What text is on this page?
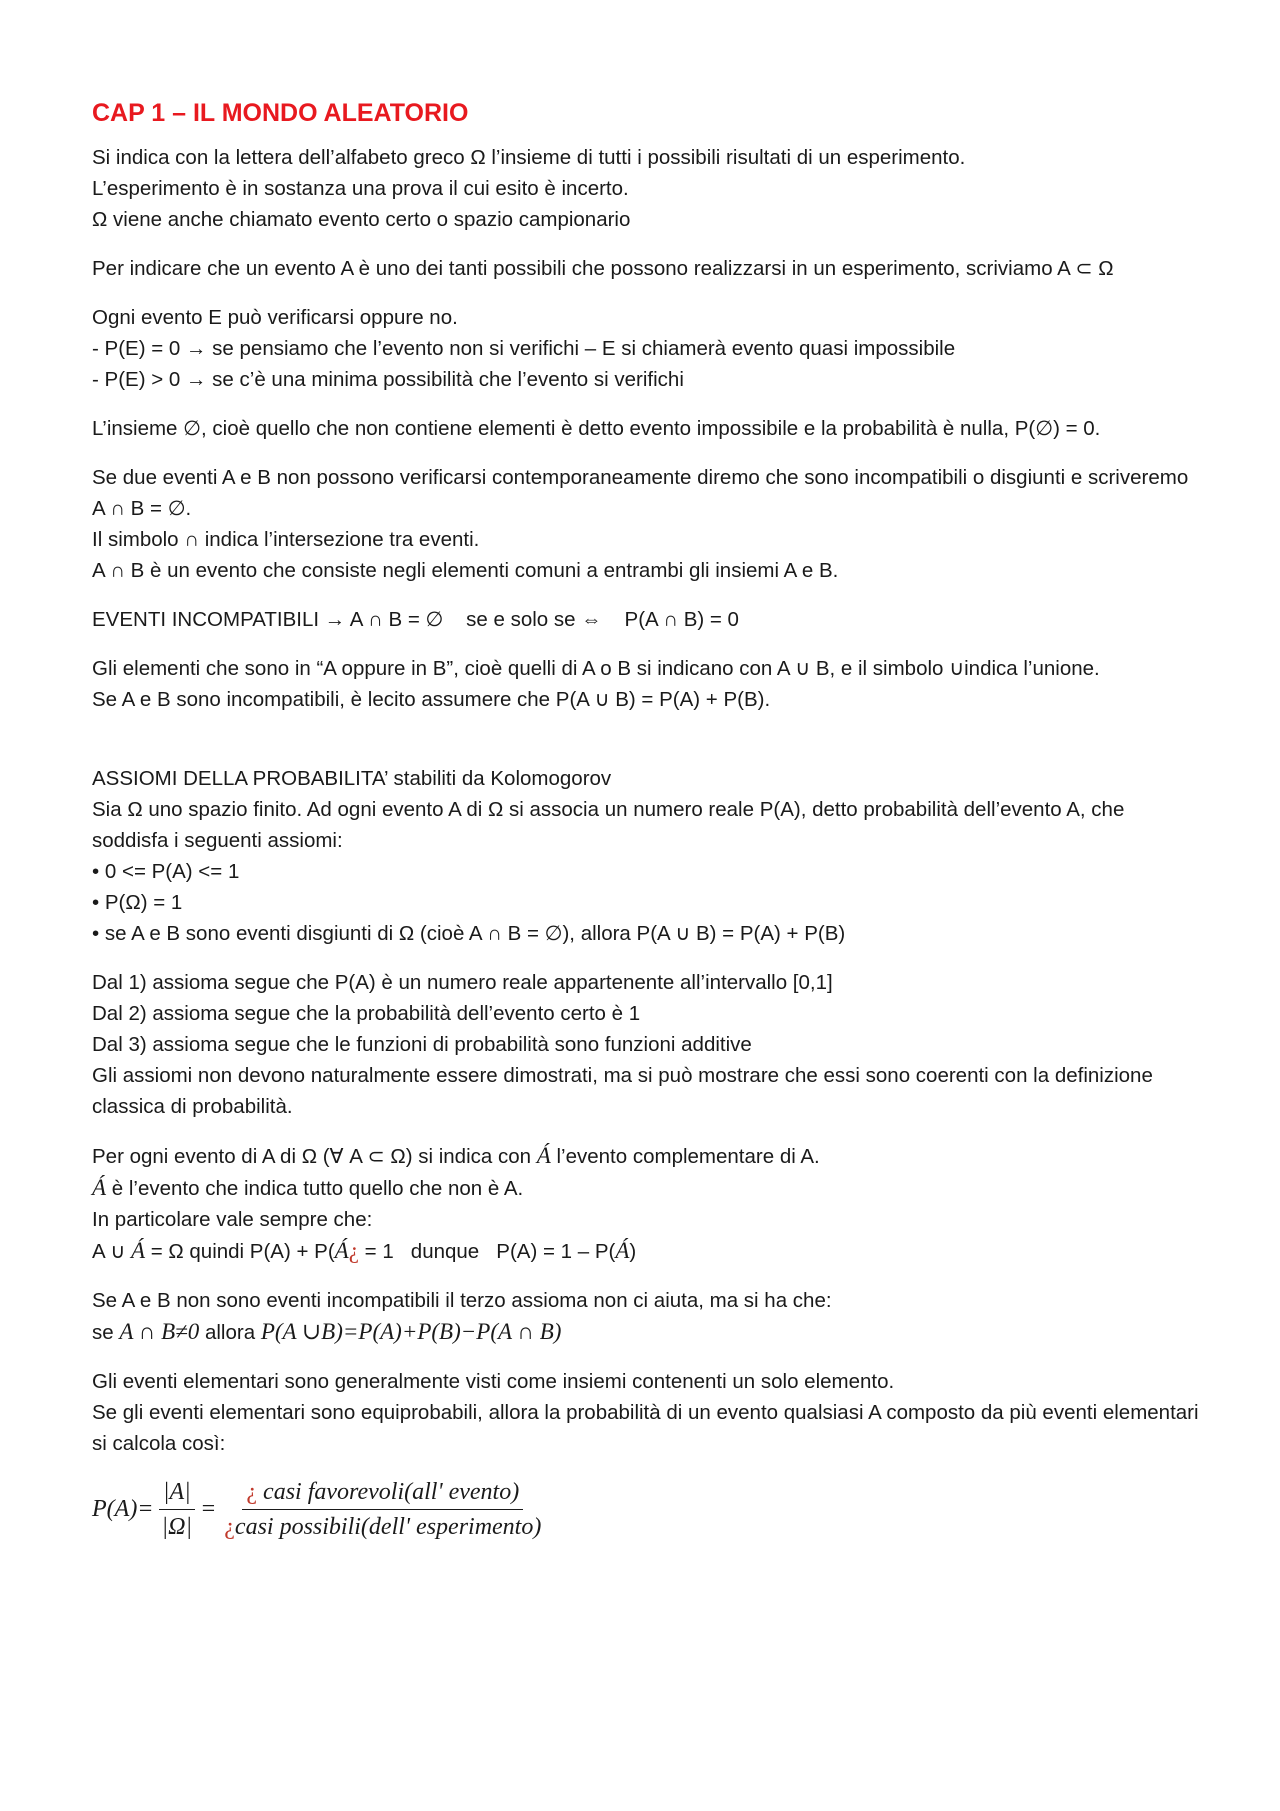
CAP 1 – IL MONDO ALEATORIO

Si indica con la lettera dell’alfabeto greco Ω l’insieme di tutti i possibili risultati di un esperimento.
L’esperimento è in sostanza una prova il cui esito è incerto.
Ω viene anche chiamato evento certo o spazio campionario

Per indicare che un evento A è uno dei tanti possibili che possono realizzarsi in un esperimento, scriviamo A ⊂ Ω

Ogni evento E può verificarsi oppure no.
- P(E) = 0 → se pensiamo che l’evento non si verifichi – E si chiamerà evento quasi impossibile
- P(E) > 0 → se c’è una minima possibilità che l’evento si verifichi

L’insieme ∅, cioè quello che non contiene elementi è detto evento impossibile e la probabilità è nulla, P(∅) = 0.

Se due eventi A e B non possono verificarsi contemporaneamente diremo che sono incompatibili o disgiunti e scriveremo A ∩ B = ∅.
Il simbolo ∩ indica l’intersezione tra eventi.
A ∩ B è un evento che consiste negli elementi comuni a entrambi gli insiemi A e B.

EVENTI INCOMPATIBILI → A ∩ B = ∅    se e solo se ⇔    P(A ∩ B) = 0

Gli elementi che sono in “A oppure in B”, cioè quelli di A o B si indicano con A ∪ B, e il simbolo ∪indica l’unione.
Se A e B sono incompatibili, è lecito assumere che P(A ∪ B) = P(A) + P(B).

ASSIOMI DELLA PROBABILITA’ stabiliti da Kolomogorov
Sia Ω uno spazio finito. Ad ogni evento A di Ω si associa un numero reale P(A), detto probabilità dell’evento A, che soddisfa i seguenti assiomi:
• 0 <= P(A) <= 1
• P(Ω) = 1
• se A e B sono eventi disgiunti di Ω (cioè A ∩ B = ∅), allora P(A ∪ B) = P(A) + P(B)

Dal 1) assioma segue che P(A) è un numero reale appartenente all’intervallo [0,1]
Dal 2) assioma segue che la probabilità dell’evento certo è 1
Dal 3) assioma segue che le funzioni di probabilità sono funzioni additive
Gli assiomi non devono naturalmente essere dimostrati, ma si può mostrare che essi sono coerenti con la definizione classica di probabilità.

Per ogni evento di A di Ω (∀ A ⊂ Ω) si indica con Á l’evento complementare di A.
Á è l’evento che indica tutto quello che non è A.
In particolare vale sempre che:
A ∪ Á = Ω quindi P(A) + P(Á¿ = 1   dunque   P(A) = 1 – P(Á)

Se A e B non sono eventi incompatibili il terzo assioma non ci aiuta, ma si ha che:
se A ∩ B≠0 allora P(A ∪B)=P(A)+P(B)−P(A ∩ B)

Gli eventi elementari sono generalmente visti come insiemi contenenti un solo elemento.
Se gli eventi elementari sono equiprobabili, allora la probabilità di un evento qualsiasi A composto da più eventi elementari si calcola così:

$P(A)= \frac{|A|}{|\Omega|} = \frac{\text{¿ casi favorevoli(all' evento)}}{\text{¿casi possibili(dell' esperimento)}}$
